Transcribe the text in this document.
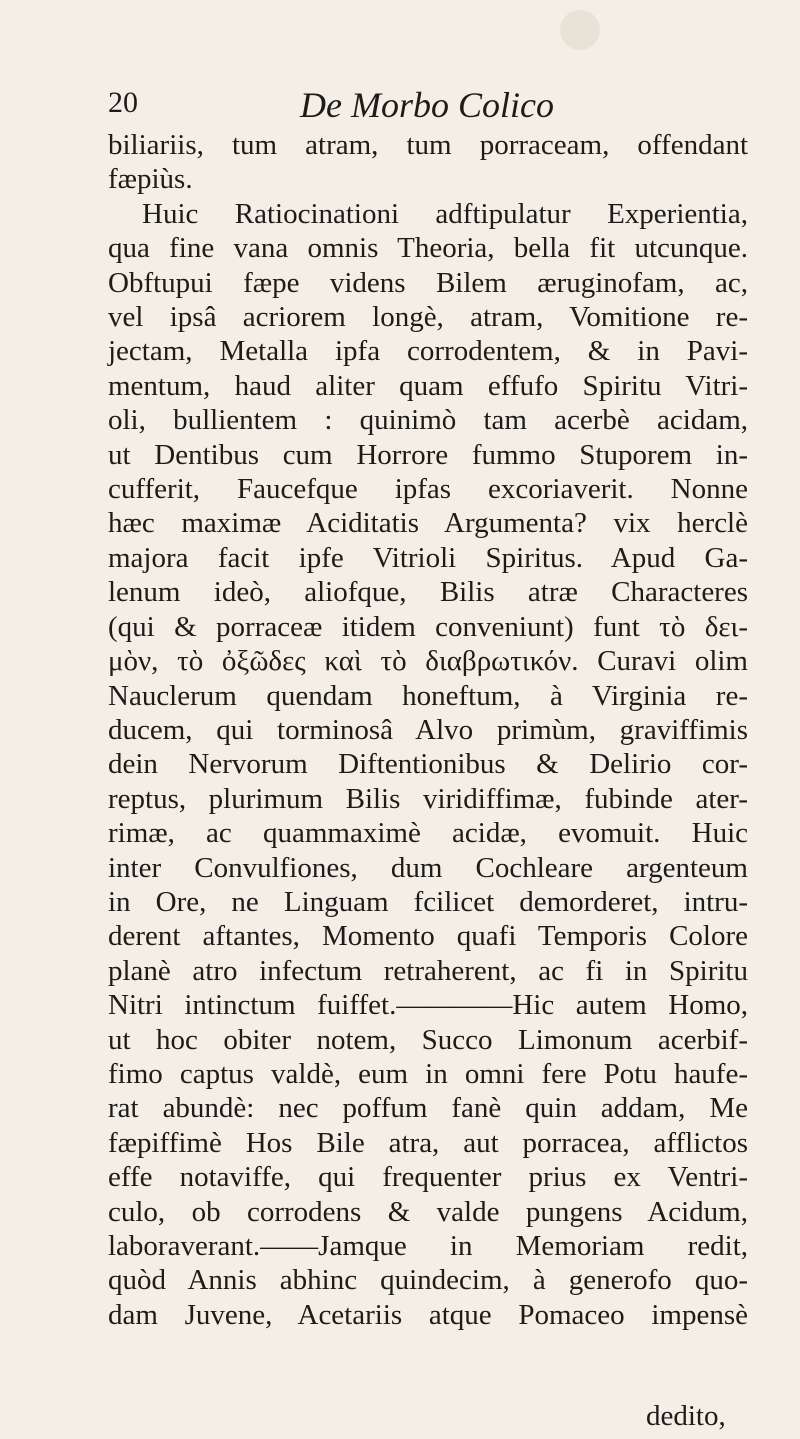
20	De Morbo Colico
biliariis, tum atram, tum porraceam, offendant
fæpiùs.
Huic Ratiocinationi adftipulatur Experientia,
qua fine vana omnis Theoria, bella fit utcunque.
Obftupui fæpe videns Bilem æruginofam, ac,
vel ipsâ acriorem longè, atram, Vomitione re-
jectam, Metalla ipfa corrodentem, & in Pavi-
mentum, haud aliter quam effufo Spiritu Vitri-
oli, bullientem : quinimò tam acerbè acidam,
ut Dentibus cum Horrore fummo Stuporem in-
cufferit, Faucefque ipfas excoriaverit. Nonne
hæc maximæ Aciditatis Argumenta? vix herclè
majora facit ipfe Vitrioli Spiritus. Apud Ga-
lenum ideò, aliofque, Bilis atræ Characteres
(qui & porraceæ itidem conveniunt) funt τὸ δει-
μὸν, τὸ ὀξῶδες καὶ τὸ διαβρωτικόν. Curavi olim
Nauclerum quendam honeftum, à Virginia re-
ducem, qui torminosâ Alvo primùm, graviffimis
dein Nervorum Diftentionibus & Delirio cor-
reptus, plurimum Bilis viridiffimæ, fubinde ater-
rimæ, ac quammaximè acidæ, evomuit. Huic
inter Convulfiones, dum Cochleare argenteum
in Ore, ne Linguam fcilicet demorderet, intru-
derent aftantes, Momento quafi Temporis Colore
planè atro infectum retraherent, ac fi in Spiritu
Nitri intinctum fuiffet.————Hic autem Homo,
ut hoc obiter notem, Succo Limonum acerbif-
fimo captus valdè, eum in omni fere Potu haufe-
rat abundè: nec poffum fanè quin addam, Me
fæpiffimè Hos Bile atra, aut porracea, afflictos
effe notaviffe, qui frequenter prius ex Ventri-
culo, ob corrodens & valde pungens Acidum,
laboraverant.——Jamque in Memoriam redit,
quòd Annis abhinc quindecim, à generofo quo-
dam Juvene, Acetariis atque Pomaceo impensè
dedito,
